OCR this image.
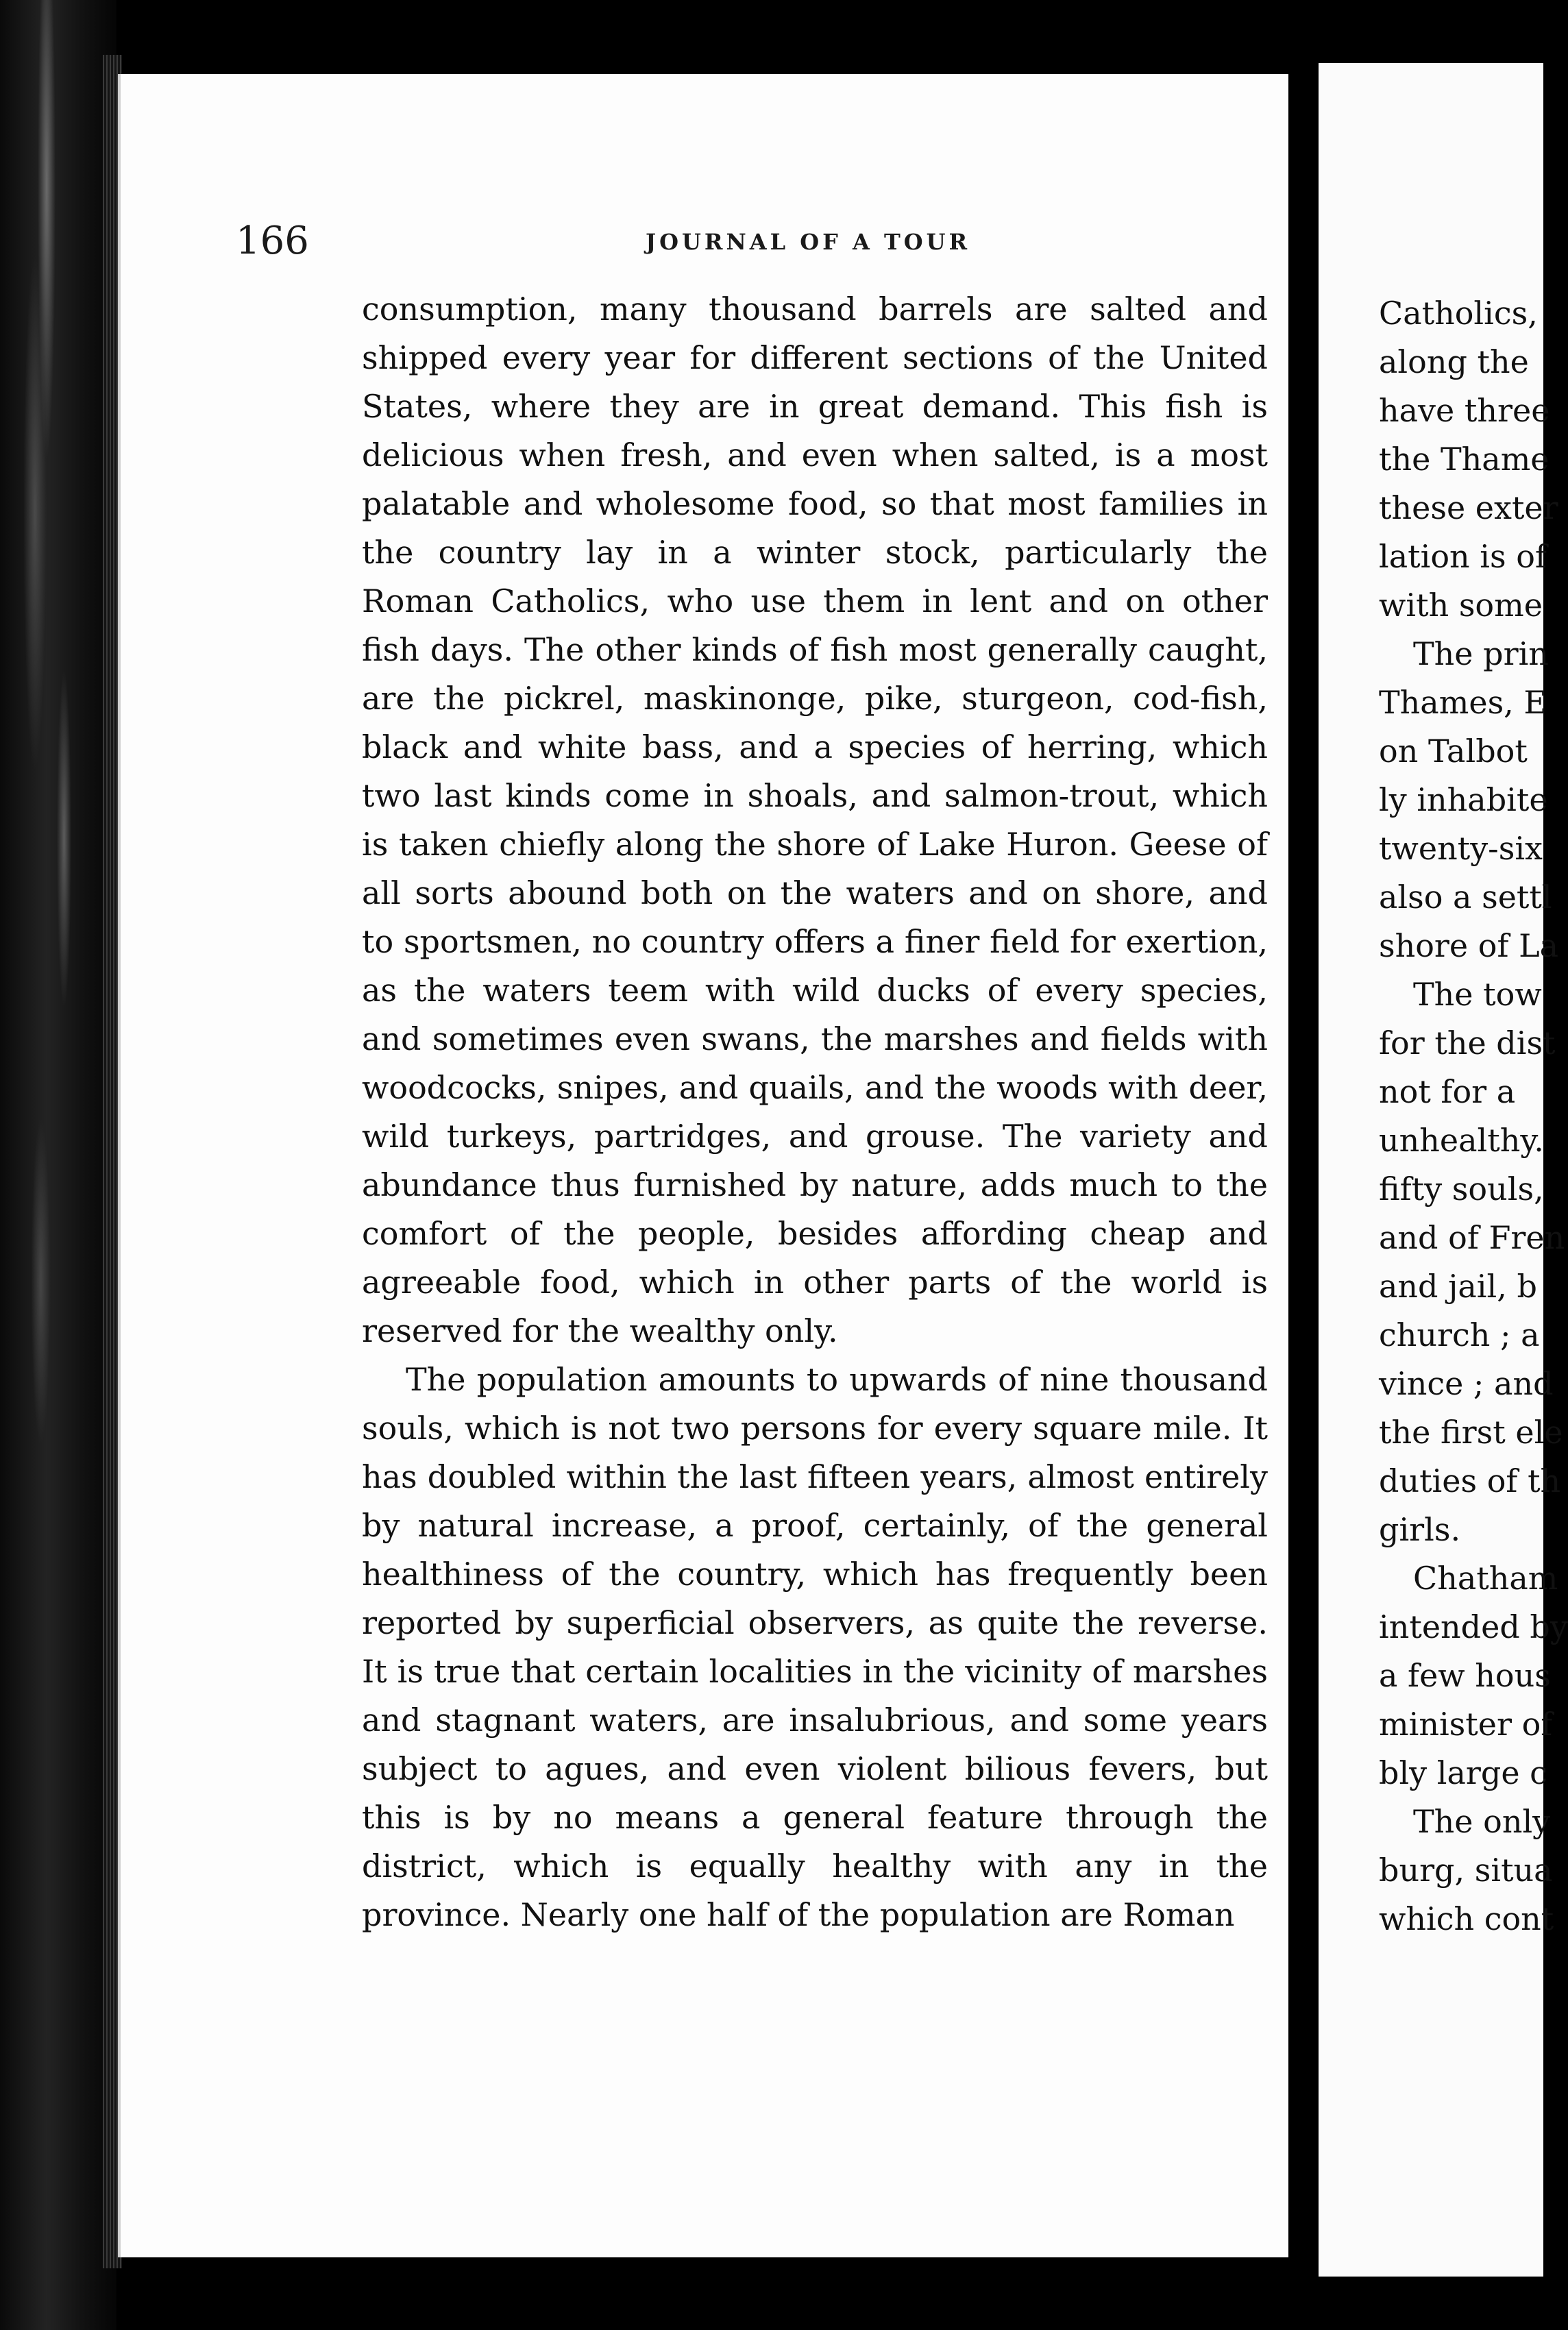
166	JOURNAL OF A TOUR

consumption, many thousand barrels are salted and shipped every year for different sections of the United States, where they are in great demand. This fish is delicious when fresh, and even when salted, is a most palatable and wholesome food, so that most families in the country lay in a winter stock, particularly the Roman Catholics, who use them in lent and on other fish days. The other kinds of fish most generally caught, are the pickrel, maskinonge, pike, sturgeon, cod-fish, black and white bass, and a species of herring, which two last kinds come in shoals, and salmon-trout, which is taken chiefly along the shore of Lake Huron. Geese of all sorts abound both on the waters and on shore, and to sportsmen, no country offers a finer field for exertion, as the waters teem with wild ducks of every species, and sometimes even swans, the marshes and fields with woodcocks, snipes, and quails, and the woods with deer, wild turkeys, partridges, and grouse. The variety and abundance thus furnished by nature, adds much to the comfort of the people, besides affording cheap and agreeable food, which in other parts of the world is reserved for the wealthy only.

The population amounts to upwards of nine thousand souls, which is not two persons for every square mile. It has doubled within the last fifteen years, almost entirely by natural increase, a proof, certainly, of the general healthiness of the country, which has frequently been reported by superficial observers, as quite the reverse. It is true that certain localities in the vicinity of marshes and stagnant waters, are insalubrious, and some years subject to agues, and even violent bilious fevers, but this is by no means a general feature through the district, which is equally healthy with any in the province. Nearly one half of the population are Roman

Catholics,
along the
have three
the Thame
these exter
lation is of
with some
The prin
Thames, E
on Talbot
ly inhabite
twenty-six
also a settl
shore of La
The tow
for the dist
not for a
unhealthy.
fifty souls,
and of Fren
and jail, b
church ; a
vince ; and
the first ele
duties of th
girls.
Chatham
intended by
a few hous
minister of
bly large c
The only
burg, situa
which cont
